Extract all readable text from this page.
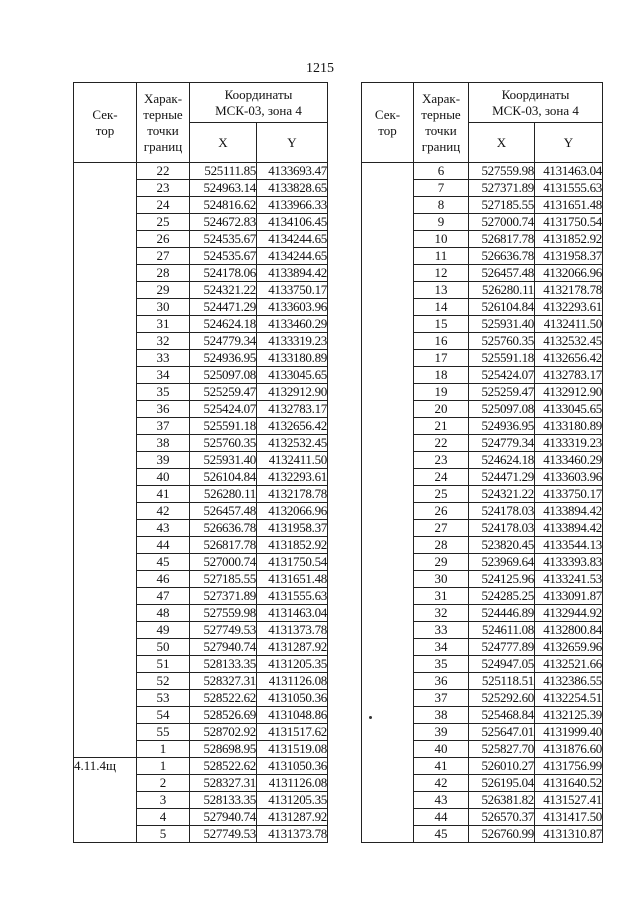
1215
Сек-
тор	Харак-
терные
точки
границ	Координаты
МСК-03, зона 4	
		X	Y
	22	525111.85	4133693.47
	23	524963.14	4133828.65
	24	524816.62	4133966.33
	25	524672.83	4134106.45
	26	524535.67	4134244.65
	27	524535.67	4134244.65
	28	524178.06	4133894.42
	29	524321.22	4133750.17
	30	524471.29	4133603.96
	31	524624.18	4133460.29
	32	524779.34	4133319.23
	33	524936.95	4133180.89
	34	525097.08	4133045.65
	35	525259.47	4132912.90
	36	525424.07	4132783.17
	37	525591.18	4132656.42
	38	525760.35	4132532.45
	39	525931.40	4132411.50
	40	526104.84	4132293.61
	41	526280.11	4132178.78
	42	526457.48	4132066.96
	43	526636.78	4131958.37
	44	526817.78	4131852.92
	45	527000.74	4131750.54
	46	527185.55	4131651.48
	47	527371.89	4131555.63
	48	527559.98	4131463.04
	49	527749.53	4131373.78
	50	527940.74	4131287.92
	51	528133.35	4131205.35
	52	528327.31	4131126.08
	53	528522.62	4131050.36
	54	528526.69	4131048.86
	55	528702.92	4131517.62
	1	528698.95	4131519.08
4.11.4щ	1	528522.62	4131050.36
	2	528327.31	4131126.08
	3	528133.35	4131205.35
	4	527940.74	4131287.92
	5	527749.53	4131373.78
Сек-
тор	Харак-
терные
точки
границ	Координаты
МСК-03, зона 4	
		X	Y
	6	527559.98	4131463.04
	7	527371.89	4131555.63
	8	527185.55	4131651.48
	9	527000.74	4131750.54
	10	526817.78	4131852.92
	11	526636.78	4131958.37
	12	526457.48	4132066.96
	13	526280.11	4132178.78
	14	526104.84	4132293.61
	15	525931.40	4132411.50
	16	525760.35	4132532.45
	17	525591.18	4132656.42
	18	525424.07	4132783.17
	19	525259.47	4132912.90
	20	525097.08	4133045.65
	21	524936.95	4133180.89
	22	524779.34	4133319.23
	23	524624.18	4133460.29
	24	524471.29	4133603.96
	25	524321.22	4133750.17
	26	524178.03	4133894.42
	27	524178.03	4133894.42
	28	523820.45	4133544.13
	29	523969.64	4133393.83
	30	524125.96	4133241.53
	31	524285.25	4133091.87
	32	524446.89	4132944.92
	33	524611.08	4132800.84
	34	524777.89	4132659.96
	35	524947.05	4132521.66
	36	525118.51	4132386.55
	37	525292.60	4132254.51
	38	525468.84	4132125.39
	39	525647.01	4131999.40
	40	525827.70	4131876.60
	41	526010.27	4131756.99
	42	526195.04	4131640.52
	43	526381.82	4131527.41
	44	526570.37	4131417.50
	45	526760.99	4131310.87
